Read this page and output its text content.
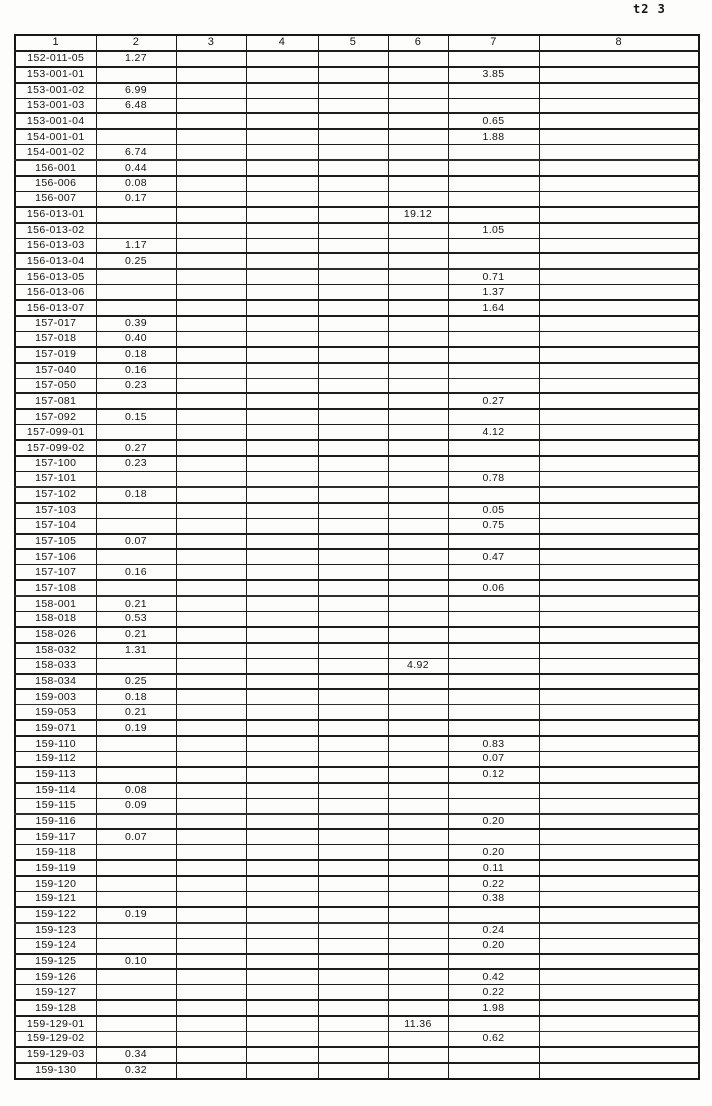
t2 3
1	2	3	4	5	6	7	8
152-011-05	1.27						
153-001-01						3.85	
153-001-02	6.99						
153-001-03	6.48						
153-001-04						0.65	
154-001-01						1.88	
154-001-02	6.74						
156-001	0.44						
156-006	0.08						
156-007	0.17						
156-013-01					19.12		
156-013-02						1.05	
156-013-03	1.17						
156-013-04	0.25						
156-013-05						0.71	
156-013-06						1.37	
156-013-07						1.64	
157-017	0.39						
157-018	0.40						
157-019	0.18						
157-040	0.16						
157-050	0.23						
157-081						0.27	
157-092	0.15						
157-099-01						4.12	
157-099-02	0.27						
157-100	0.23						
157-101						0.78	
157-102	0.18						
157-103						0.05	
157-104						0.75	
157-105	0.07						
157-106						0.47	
157-107	0.16						
157-108						0.06	
158-001	0.21						
158-018	0.53						
158-026	0.21						
158-032	1.31						
158-033					4.92		
158-034	0.25						
159-003	0.18						
159-053	0.21						
159-071	0.19						
159-110						0.83	
159-112						0.07	
159-113						0.12	
159-114	0.08						
159-115	0.09						
159-116						0.20	
159-117	0.07						
159-118						0.20	
159-119						0.11	
159-120						0.22	
159-121						0.38	
159-122	0.19						
159-123						0.24	
159-124						0.20	
159-125	0.10						
159-126						0.42	
159-127						0.22	
159-128						1.98	
159-129-01					11.36		
159-129-02						0.62	
159-129-03	0.34						
159-130	0.32						
